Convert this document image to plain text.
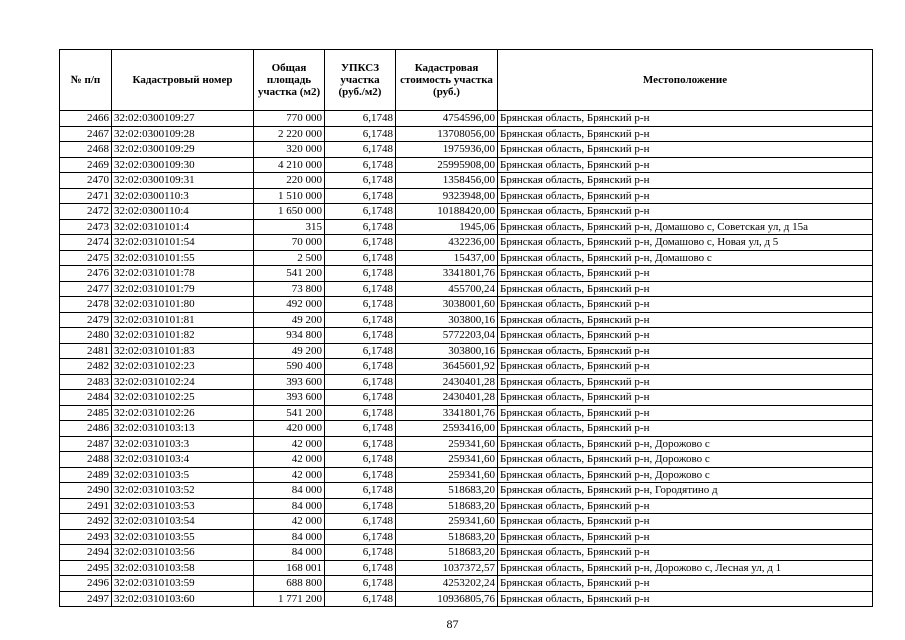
№ п/п	Кадастровый номер	Общая площадь участка (м2)	УПКСЗ участка (руб./м2)	Кадастровая стоимость участка (руб.)	Местоположение
2466	32:02:0300109:27	770 000	6,1748	4754596,00	Брянская область, Брянский р-н
2467	32:02:0300109:28	2 220 000	6,1748	13708056,00	Брянская область, Брянский р-н
2468	32:02:0300109:29	320 000	6,1748	1975936,00	Брянская область, Брянский р-н
2469	32:02:0300109:30	4 210 000	6,1748	25995908,00	Брянская область, Брянский р-н
2470	32:02:0300109:31	220 000	6,1748	1358456,00	Брянская область, Брянский р-н
2471	32:02:0300110:3	1 510 000	6,1748	9323948,00	Брянская область, Брянский р-н
2472	32:02:0300110:4	1 650 000	6,1748	10188420,00	Брянская область, Брянский р-н
2473	32:02:0310101:4	315	6,1748	1945,06	Брянская область, Брянский р-н, Домашово с, Советская ул, д 15а
2474	32:02:0310101:54	70 000	6,1748	432236,00	Брянская область, Брянский р-н, Домашово с, Новая ул, д 5
2475	32:02:0310101:55	2 500	6,1748	15437,00	Брянская область, Брянский р-н, Домашово с
2476	32:02:0310101:78	541 200	6,1748	3341801,76	Брянская область, Брянский р-н
2477	32:02:0310101:79	73 800	6,1748	455700,24	Брянская область, Брянский р-н
2478	32:02:0310101:80	492 000	6,1748	3038001,60	Брянская область, Брянский р-н
2479	32:02:0310101:81	49 200	6,1748	303800,16	Брянская область, Брянский р-н
2480	32:02:0310101:82	934 800	6,1748	5772203,04	Брянская область, Брянский р-н
2481	32:02:0310101:83	49 200	6,1748	303800,16	Брянская область, Брянский р-н
2482	32:02:0310102:23	590 400	6,1748	3645601,92	Брянская область, Брянский р-н
2483	32:02:0310102:24	393 600	6,1748	2430401,28	Брянская область, Брянский р-н
2484	32:02:0310102:25	393 600	6,1748	2430401,28	Брянская область, Брянский р-н
2485	32:02:0310102:26	541 200	6,1748	3341801,76	Брянская область, Брянский р-н
2486	32:02:0310103:13	420 000	6,1748	2593416,00	Брянская область, Брянский р-н
2487	32:02:0310103:3	42 000	6,1748	259341,60	Брянская область, Брянский р-н, Дорожово с
2488	32:02:0310103:4	42 000	6,1748	259341,60	Брянская область, Брянский р-н, Дорожово с
2489	32:02:0310103:5	42 000	6,1748	259341,60	Брянская область, Брянский р-н, Дорожово с
2490	32:02:0310103:52	84 000	6,1748	518683,20	Брянская область, Брянский р-н, Городятино д
2491	32:02:0310103:53	84 000	6,1748	518683,20	Брянская область, Брянский р-н
2492	32:02:0310103:54	42 000	6,1748	259341,60	Брянская область, Брянский р-н
2493	32:02:0310103:55	84 000	6,1748	518683,20	Брянская область, Брянский р-н
2494	32:02:0310103:56	84 000	6,1748	518683,20	Брянская область, Брянский р-н
2495	32:02:0310103:58	168 001	6,1748	1037372,57	Брянская область, Брянский р-н, Дорожово с, Лесная ул, д 1
2496	32:02:0310103:59	688 800	6,1748	4253202,24	Брянская область, Брянский р-н
2497	32:02:0310103:60	1 771 200	6,1748	10936805,76	Брянская область, Брянский р-н
87
